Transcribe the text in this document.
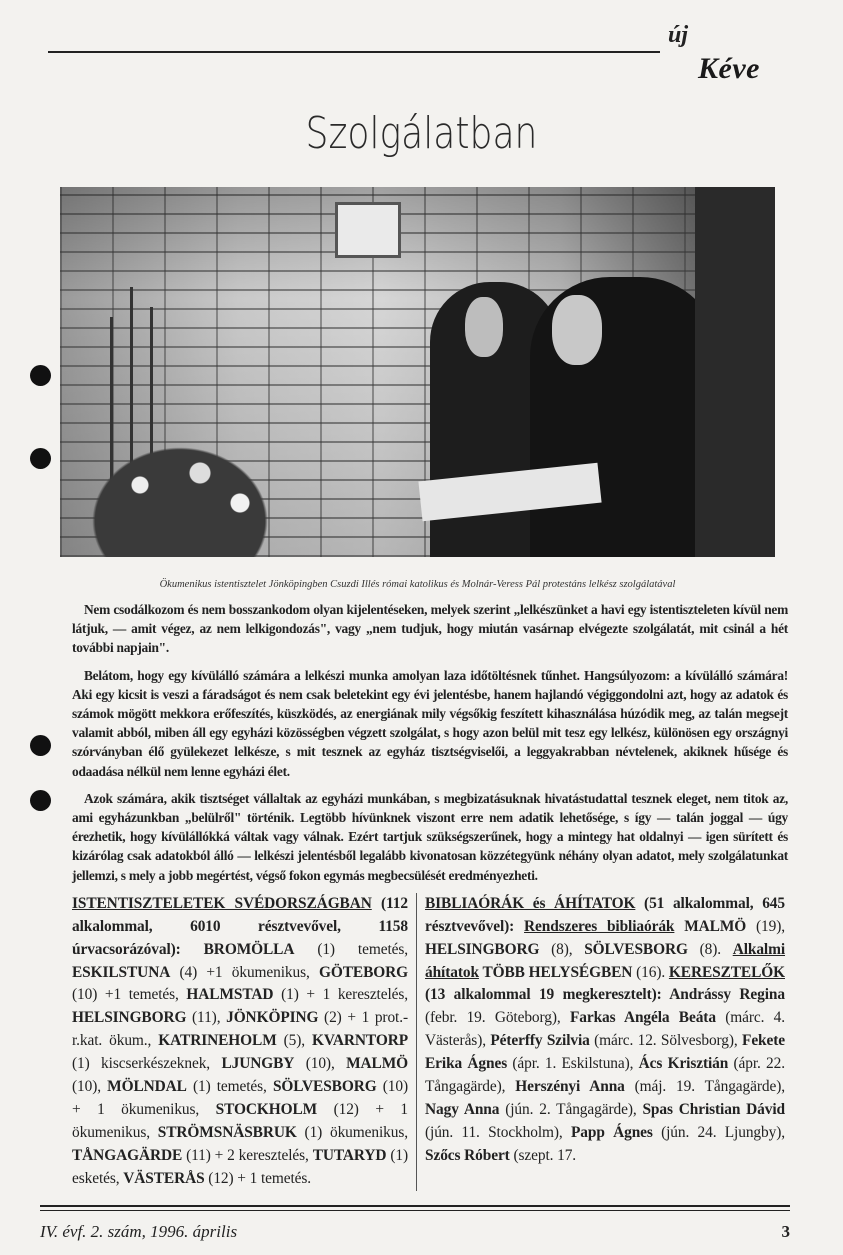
új
Kéve
Szolgálatban
Ökumenikus istentisztelet Jönköpingben Csuzdi Illés római katolikus és Molnár-Veress Pál protestáns lelkész szolgálatával

Nem csodálkozom és nem bosszankodom olyan kijelentéseken, melyek szerint „lelkészünket a havi egy istentiszteleten kívül nem látjuk, — amit végez, az nem lelkigondozás", vagy „nem tudjuk, hogy miután vasárnap elvégezte szolgálatát, mit csinál a hét további napjain".

Belátom, hogy egy kívülálló számára a lelkészi munka amolyan laza időtöltésnek tűnhet. Hangsúlyozom: a kívülálló számára! Aki egy kicsit is veszi a fáradságot és nem csak beletekint egy évi jelentésbe, hanem hajlandó végiggondolni azt, hogy az adatok és számok mögött mekkora erőfeszítés, küszködés, az energiának mily végsőkig feszített kihasználása húzódik meg, az talán megsejt valamit abból, miben áll egy egyházi közösségben végzett szolgálat, s hogy azon belül mit tesz egy lelkész, különösen egy országnyi szórványban élő gyülekezet lelkésze, s mit tesznek az egyház tisztségviselői, a leggyakrabban névtelenek, akiknek hűsége és odaadása nélkül nem lenne egyházi élet.

Azok számára, akik tisztséget vállaltak az egyházi munkában, s megbizatásuknak hivatástudattal tesznek eleget, nem titok az, ami egyházunkban „belülről" történik. Legtöbb hívünknek viszont erre nem adatik lehetősége, s így — talán joggal — úgy érezhetik, hogy kívülállókká váltak vagy válnak. Ezért tartjuk szükségszerűnek, hogy a mintegy hat oldalnyi — igen sürített és kizárólag csak adatokból álló — lelkészi jelentésből legalább kivonatosan közzétegyünk néhány olyan adatot, mely szolgálatunkat jellemzi, s mely a jobb megértést, végső fokon egymás megbecsülését eredményezheti.

ISTENTISZTELETEK SVÉDORSZÁGBAN (112 alkalommal, 6010 résztvevővel, 1158 úrvacsorázóval): BROMÖLLA (1) temetés, ESKILSTUNA (4) +1 ökumenikus, GÖTEBORG (10) +1 temetés, HALMSTAD (1) + 1 keresztelés, HELSINGBORG (11), JÖNKÖPING (2) + 1 prot.-r.kat. ökum., KATRINEHOLM (5), KVARNTORP (1) kiscserkészeknek, LJUNGBY (10), MALMÖ (10), MÖLNDAL (1) temetés, SÖLVESBORG (10) + 1 ökumenikus, STOCKHOLM (12) + 1 ökumenikus, STRÖMSNÄSBRUK (1) ökumenikus, TÅNGAGÄRDE (11) + 2 keresztelés, TUTARYD (1) esketés, VÄSTERÅS (12) + 1 temetés.
BIBLIAÓRÁK és ÁHÍTATOK (51 alkalommal, 645 résztvevővel): Rendszeres bibliaórák MALMÖ (19), HELSINGBORG (8), SÖLVESBORG (8). Alkalmi áhítatok TÖBB HELYSÉGBEN (16). KERESZTELŐK (13 alkalommal 19 megkeresztelt): Andrássy Regina (febr. 19. Göteborg), Farkas Angéla Beáta (márc. 4. Västerås), Péterffy Szilvia (márc. 12. Sölvesborg), Fekete Erika Ágnes (ápr. 1. Eskilstuna), Ács Krisztián (ápr. 22. Tångagärde), Herszényi Anna (máj. 19. Tångagärde), Nagy Anna (jún. 2. Tångagärde), Spas Christian Dávid (jún. 11. Stockholm), Papp Ágnes (jún. 24. Ljungby), Szőcs Róbert (szept. 17.
IV. évf. 2. szám, 1996. április	3
